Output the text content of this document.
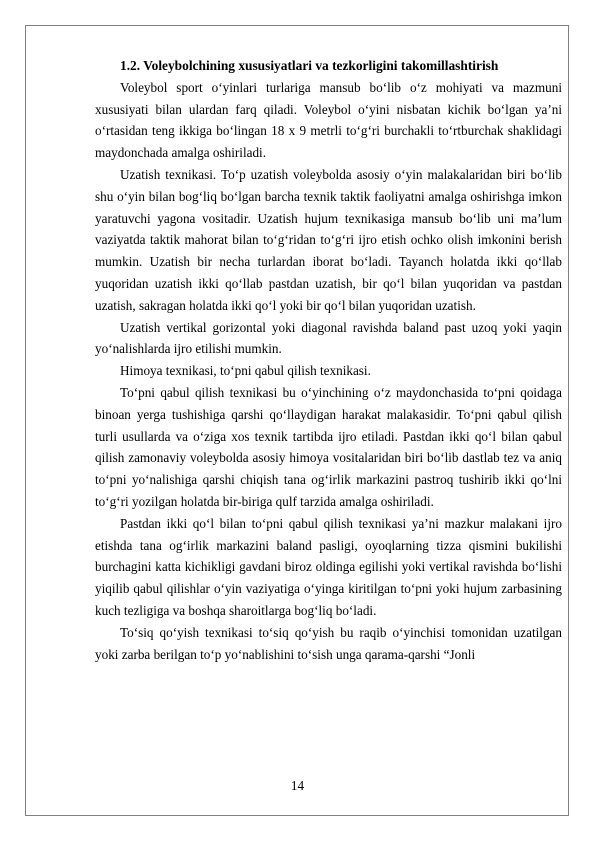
1.2. Voleybolchining xususiyatlari va tezkorligini takomillashtirish

Voleybol sport o‘yinlari turlariga mansub bo‘lib o‘z mohiyati va mazmuni xususiyati bilan ulardan farq qiladi. Voleybol o‘yini nisbatan kichik bo‘lgan ya’ni o‘rtasidan teng ikkiga bo‘lingan 18 x 9 metrli to‘g‘ri burchakli to‘rtburchak shaklidagi maydonchada amalga oshiriladi.

Uzatish texnikasi. To‘p uzatish voleybolda asosiy o‘yin malakalaridan biri bo‘lib shu o‘yin bilan bog‘liq bo‘lgan barcha texnik taktik faoliyatni amalga oshirishga imkon yaratuvchi yagona vositadir. Uzatish hujum texnikasiga mansub bo‘lib uni ma’lum vaziyatda taktik mahorat bilan to‘g‘ridan to‘g‘ri ijro etish ochko olish imkonini berish mumkin. Uzatish bir necha turlardan iborat bo‘ladi. Tayanch holatda ikki qo‘llab yuqoridan uzatish ikki qo‘llab pastdan uzatish, bir qo‘l bilan yuqoridan va pastdan uzatish, sakragan holatda ikki qo‘l yoki bir qo‘l bilan yuqoridan uzatish.

Uzatish vertikal gorizontal yoki diagonal ravishda baland past uzoq yoki yaqin yo‘nalishlarda ijro etilishi mumkin.

Himoya texnikasi, to‘pni qabul qilish texnikasi.

To‘pni qabul qilish texnikasi bu o‘yinchining o‘z maydonchasida to‘pni qoidaga binoan yerga tushishiga qarshi qo‘llaydigan harakat malakasidir. To‘pni qabul qilish turli usullarda va o‘ziga xos texnik tartibda ijro etiladi. Pastdan ikki qo‘l bilan qabul qilish zamonaviy voleybolda asosiy himoya vositalaridan biri bo‘lib dastlab tez va aniq to‘pni yo‘nalishiga qarshi chiqish tana og‘irlik markazini pastroq tushirib ikki qo‘lni to‘g‘ri yozilgan holatda bir-biriga qulf tarzida amalga oshiriladi.

Pastdan ikki qo‘l bilan to‘pni qabul qilish texnikasi ya’ni mazkur malakani ijro etishda tana og‘irlik markazini baland pasligi, oyoqlarning tizza qismini bukilishi burchagini katta kichikligi gavdani biroz oldinga egilishi yoki vertikal ravishda bo‘lishi yiqilib qabul qilishlar o‘yin vaziyatiga o‘yinga kiritilgan to‘pni yoki hujum zarbasining kuch tezligiga va boshqa sharoitlarga bog‘liq bo‘ladi.

To‘siq qo‘yish texnikasi to‘siq qo‘yish bu raqib o‘yinchisi tomonidan uzatilgan yoki zarba berilgan to‘p yo‘nablishini to‘sish unga qarama-qarshi “Jonli

14
